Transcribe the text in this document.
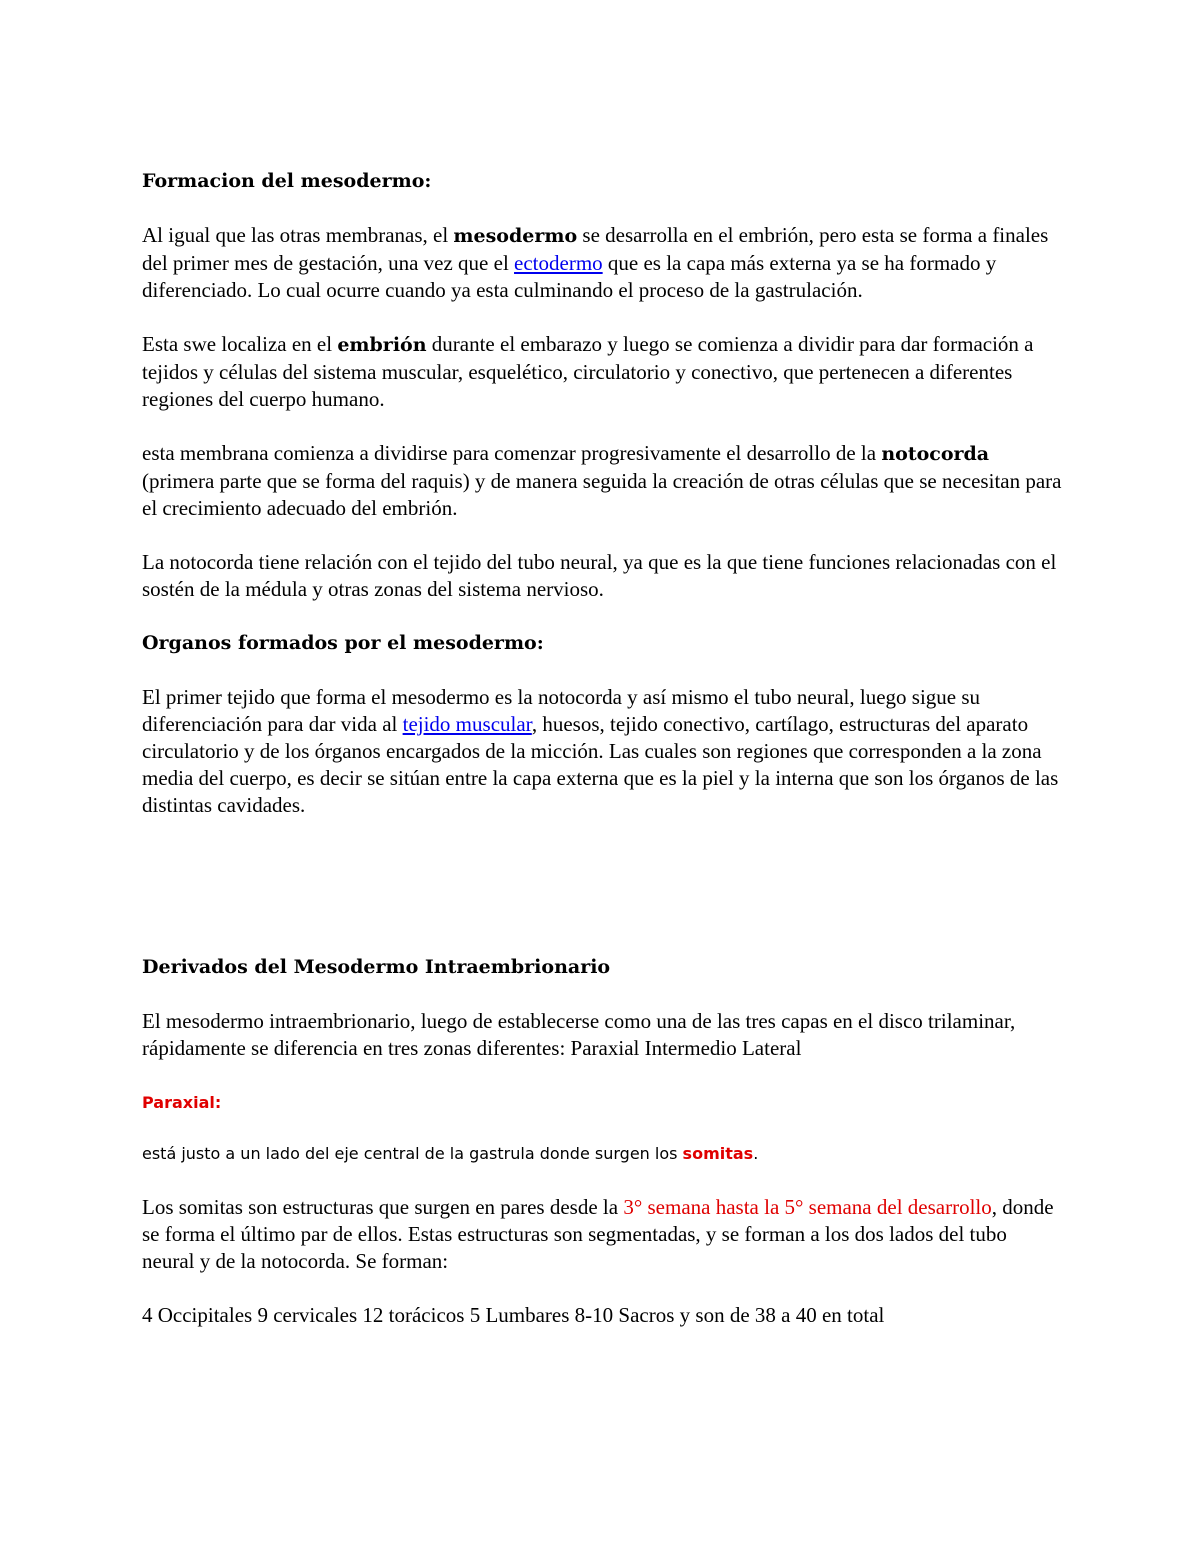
Formacion del mesodermo:

Al igual que las otras membranas, el mesodermo se desarrolla en el embrión, pero esta se forma a finales del primer mes de gestación, una vez que el ectodermo que es la capa más externa ya se ha formado y diferenciado. Lo cual ocurre cuando ya esta culminando el proceso de la gastrulación.

Esta swe localiza en el embrión durante el embarazo y luego se comienza a dividir para dar formación a tejidos y células del sistema muscular, esquelético, circulatorio y conectivo, que pertenecen a diferentes regiones del cuerpo humano.

esta membrana comienza a dividirse para comenzar progresivamente el desarrollo de la notocorda (primera parte que se forma del raquis) y de manera seguida la creación de otras células que se necesitan para el crecimiento adecuado del embrión.

La notocorda tiene relación con el tejido del tubo neural, ya que es la que tiene funciones relacionadas con el sostén de la médula y otras zonas del sistema nervioso.

Organos formados por el mesodermo:

El primer tejido que forma el mesodermo es la notocorda y así mismo el tubo neural, luego sigue su diferenciación para dar vida al tejido muscular, huesos, tejido conectivo, cartílago, estructuras del aparato circulatorio y de los órganos encargados de la micción. Las cuales son regiones que corresponden a la zona media del cuerpo, es decir se sitúan entre la capa externa que es la piel y la interna que son los órganos de las distintas cavidades.

Derivados del Mesodermo Intraembrionario

El mesodermo intraembrionario, luego de establecerse como una de las tres capas en el disco trilaminar, rápidamente se diferencia en tres zonas diferentes: Paraxial Intermedio Lateral

Paraxial:

está justo a un lado del eje central de la gastrula donde surgen los somitas.

Los somitas son estructuras que surgen en pares desde la 3° semana hasta la 5° semana del desarrollo, donde se forma el último par de ellos. Estas estructuras son segmentadas, y se forman a los dos lados del tubo neural y de la notocorda. Se forman:

4 Occipitales 9 cervicales 12 torácicos 5 Lumbares 8-10 Sacros y son de 38 a 40 en total
